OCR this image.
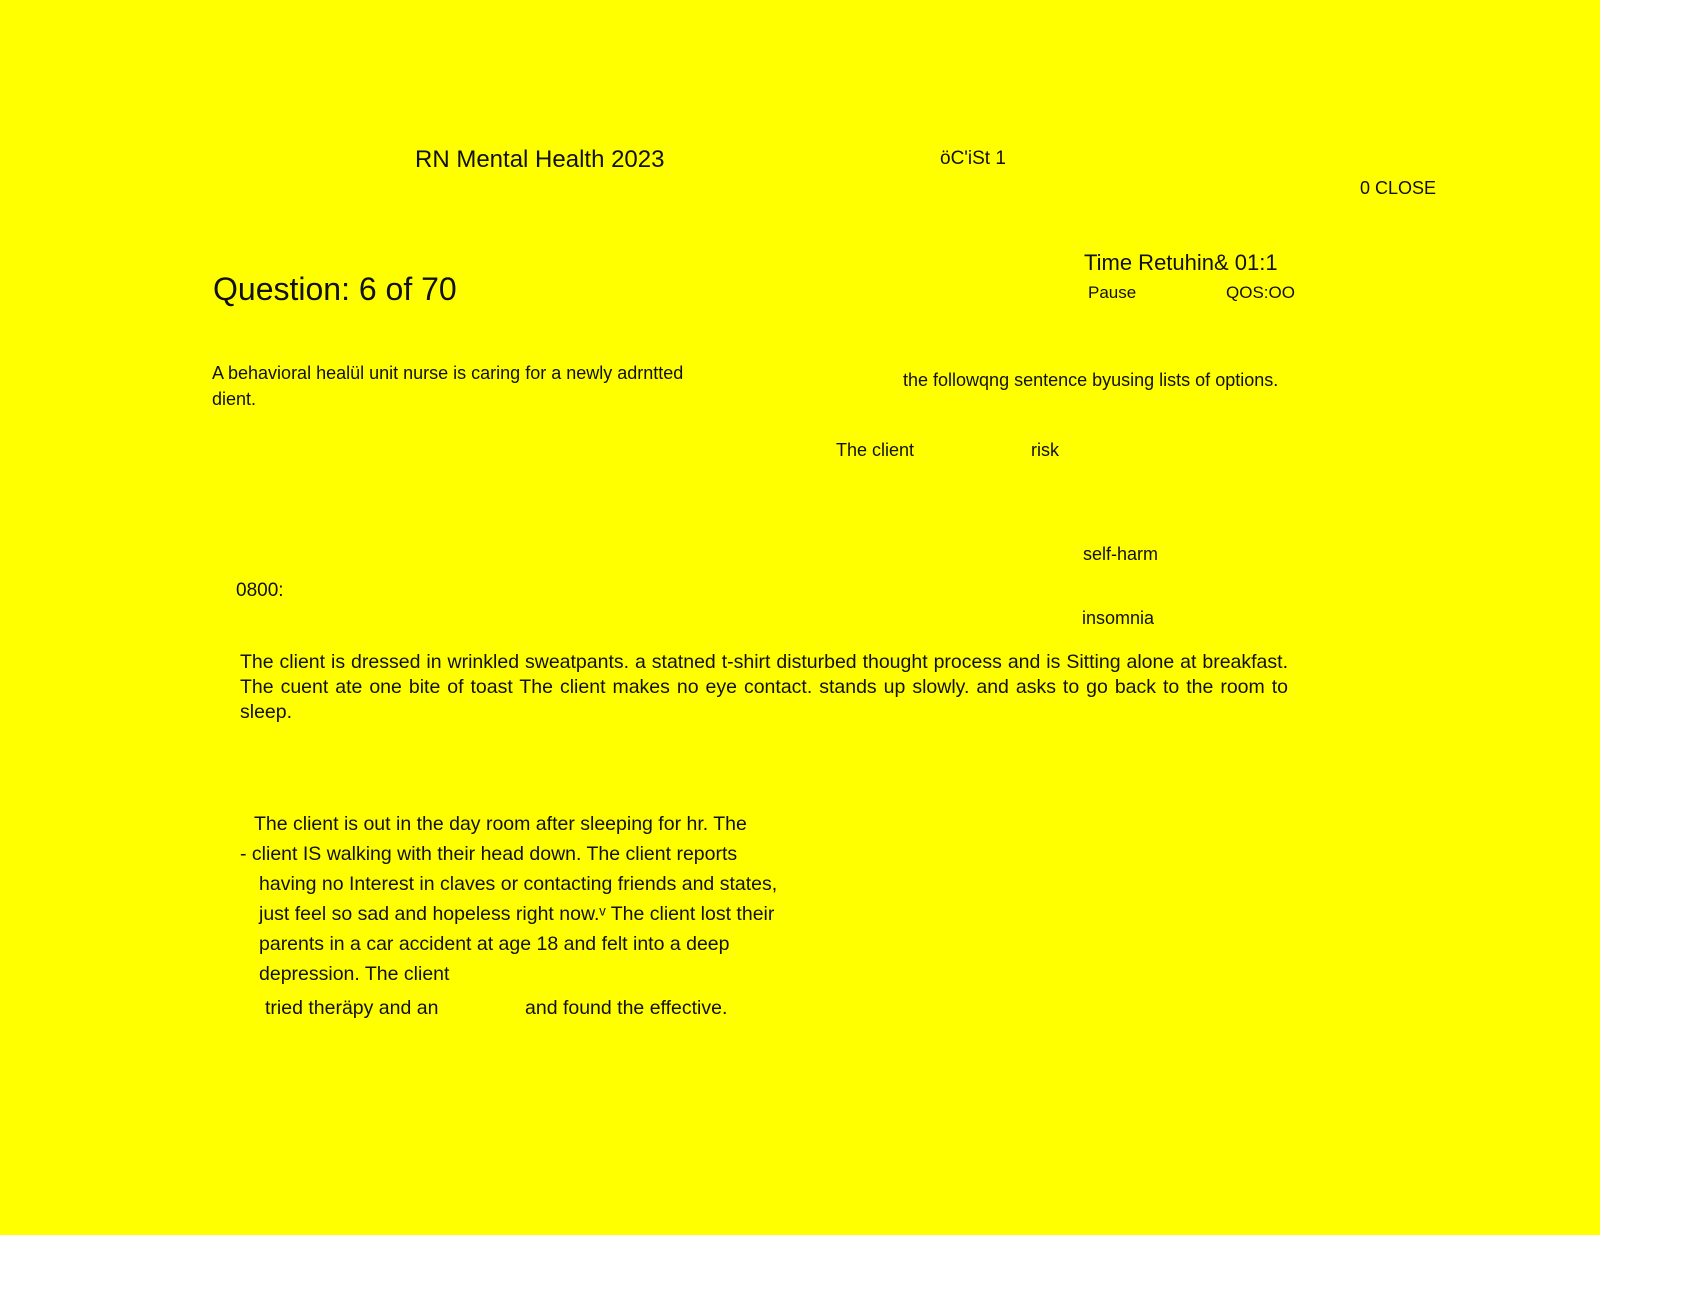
RN Mental Health 2023	öC'iSt 1
0 CLOSE
Question: 6 of 70
Time Retuhin& 01:1
Pause	QOS:OO
A behavioral healül unit nurse is caring for a newly adrntted dient.
the followqng sentence byusing lists of options.
The client	risk
self-harm
insomnia
0800:
The client is dressed in wrinkled sweatpants. a statned t-shirt disturbed thought process and is Sitting alone at breakfast. The cuent ate one bite of toast The client makes no eye contact. stands up slowly. and asks to go back to the room to sleep.
The client is out in the day room after sleeping for hr. The
- client IS walking with their head down. The client reports
having no Interest in claves or contacting friends and states,
just feel so sad and hopeless right now.ᵛ The client lost their
parents in a car accident at age 18 and felt into a deep
depression. The client
tried theräpy and an	and found the effective.
